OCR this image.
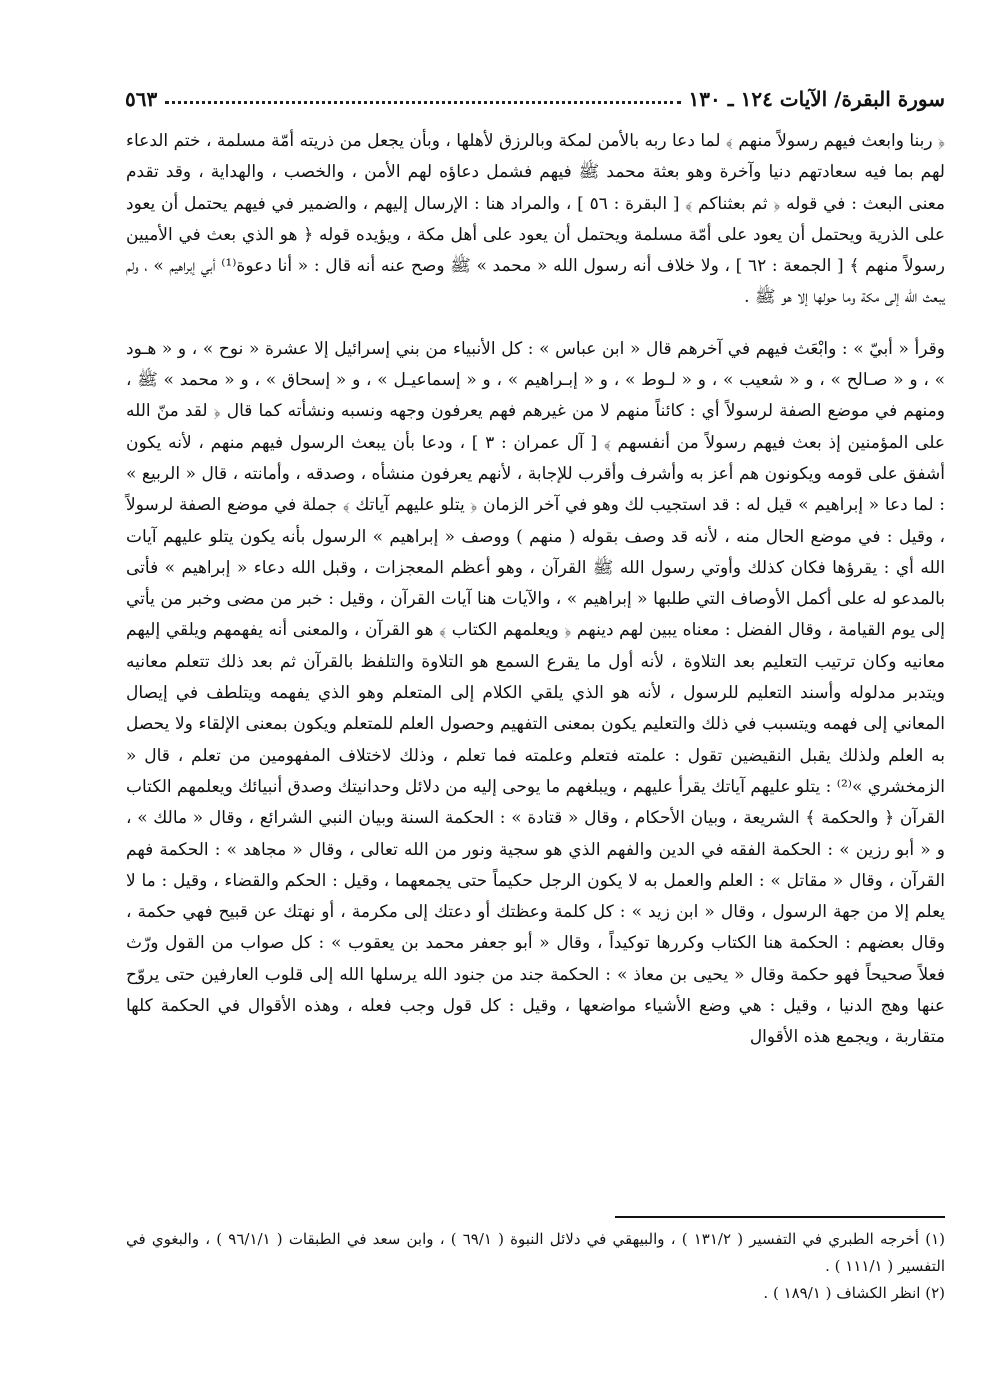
سورة البقرة/ الآيات ١٢٤ ـ ١٣٠
٥٦٣

﴿ ربنا وابعث فيهم رسولاً منهم ﴾ لما دعا ربه بالأمن لمكة وبالرزق لأهلها ، وبأن يجعل من ذريته أمّة مسلمة ، ختم الدعاء لهم بما فيه سعادتهم دنيا وآخرة وهو بعثة محمد ﷺ فيهم فشمل دعاؤه لهم الأمن ، والخصب ، والهداية ، وقد تقدم معنى البعث : في قوله ﴿ ثم بعثناكم ﴾ [ البقرة : ٥٦ ] ، والمراد هنا : الإرسال إليهم ، والضمير في فيهم يحتمل أن يعود على الذرية ويحتمل أن يعود على أمّة مسلمة ويحتمل أن يعود على أهل مكة ، ويؤيده قوله ﴿ هو الذي بعث في الأميين رسولاً منهم ﴾ [ الجمعة : ٦٢ ] ، ولا خلاف أنه رسول الله « محمد » ﷺ وصح عنه أنه قال : « أنا دعوة⁽¹⁾ أبي إبراهيم » ، ولم يبعث الله إلى مكة وما حولها إلا هو ﷺ .

وقرأ « أبيّ » : وابْعَث فيهم في آخرهم قال « ابن عباس » : كل الأنبياء من بني إسرائيل إلا عشرة « نوح » ، و « هـود » ، و « صـالح » ، و « شعيب » ، و « لـوط » ، و « إبـراهيم » ، و « إسماعيـل » ، و « إسحاق » ، و « محمد » ﷺ ، ومنهم في موضع الصفة لرسولاً أي : كائناً منهم لا من غيرهم فهم يعرفون وجهه ونسبه ونشأته كما قال ﴿ لقد منّ الله على المؤمنين إذ بعث فيهم رسولاً من أنفسهم ﴾ [ آل عمران : ٣ ] ، ودعا بأن يبعث الرسول فيهم منهم ، لأنه يكون أشفق على قومه ويكونون هم أعز به وأشرف وأقرب للإجابة ، لأنهم يعرفون منشأه ، وصدقه ، وأمانته ، قال « الربيع » : لما دعا « إبراهيم » قيل له : قد استجيب لك وهو في آخر الزمان ﴿ يتلو عليهم آياتك ﴾ جملة في موضع الصفة لرسولاً ، وقيل : في موضع الحال منه ، لأنه قد وصف بقوله ( منهم ) ووصف « إبراهيم » الرسول بأنه يكون يتلو عليهم آيات الله أي : يقرؤها فكان كذلك وأوتي رسول الله ﷺ القرآن ، وهو أعظم المعجزات ، وقبل الله دعاء « إبراهيم » فأتى بالمدعو له على أكمل الأوصاف التي طلبها « إبراهيم » ، والآيات هنا آيات القرآن ، وقيل : خبر من مضى وخبر من يأتي إلى يوم القيامة ، وقال الفضل : معناه يبين لهم دينهم ﴿ ويعلمهم الكتاب ﴾ هو القرآن ، والمعنى أنه يفهمهم ويلقي إليهم معانيه وكان ترتيب التعليم بعد التلاوة ، لأنه أول ما يقرع السمع هو التلاوة والتلفظ بالقرآن ثم بعد ذلك تتعلم معانيه ويتدبر مدلوله وأسند التعليم للرسول ، لأنه هو الذي يلقي الكلام إلى المتعلم وهو الذي يفهمه ويتلطف في إيصال المعاني إلى فهمه ويتسبب في ذلك والتعليم يكون بمعنى التفهيم وحصول العلم للمتعلم ويكون بمعنى الإلقاء ولا يحصل به العلم ولذلك يقبل النقيضين تقول : علمته فتعلم وعلمته فما تعلم ، وذلك لاختلاف المفهومين من تعلم ، قال « الزمخشري »⁽²⁾ : يتلو عليهم آياتك يقرأ عليهم ، ويبلغهم ما يوحى إليه من دلائل وحدانيتك وصدق أنبيائك ويعلمهم الكتاب القرآن ﴿ والحكمة ﴾ الشريعة ، وبيان الأحكام ، وقال « قتادة » : الحكمة السنة وبيان النبي الشرائع ، وقال « مالك » ، و « أبو رزين » : الحكمة الفقه في الدين والفهم الذي هو سجية ونور من الله تعالى ، وقال « مجاهد » : الحكمة فهم القرآن ، وقال « مقاتل » : العلم والعمل به لا يكون الرجل حكيماً حتى يجمعهما ، وقيل : الحكم والقضاء ، وقيل : ما لا يعلم إلا من جهة الرسول ، وقال « ابن زيد » : كل كلمة وعظتك أو دعتك إلى مكرمة ، أو نهتك عن قبيح فهي حكمة ، وقال بعضهم : الحكمة هنا الكتاب وكررها توكيداً ، وقال « أبو جعفر محمد بن يعقوب » : كل صواب من القول ورّث فعلاً صحيحاً فهو حكمة وقال « يحيى بن معاذ » : الحكمة جند من جنود الله يرسلها الله إلى قلوب العارفين حتى يروّح عنها وهج الدنيا ، وقيل : هي وضع الأشياء مواضعها ، وقيل : كل قول وجب فعله ، وهذه الأقوال في الحكمة كلها متقاربة ، ويجمع هذه الأقوال

(١) أخرجه الطبري في التفسير ( ١٣١/٢ ) ، والبيهقي في دلائل النبوة ( ٦٩/١ ) ، وابن سعد في الطبقات ( ٩٦/١/١ ) ، والبغوي في التفسير ( ١١١/١ ) .

(٢) انظر الكشاف ( ١٨٩/١ ) .
